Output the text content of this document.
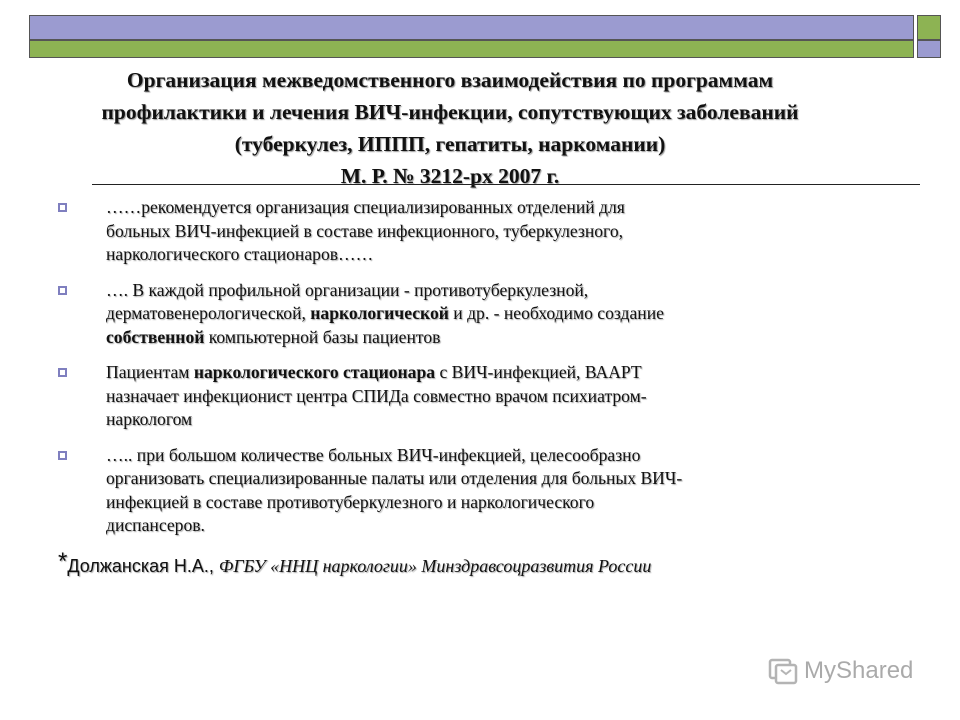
Организация межведомственного взаимодействия по программам
профилактики и лечения ВИЧ-инфекции, сопутствующих заболеваний
(туберкулез, ИППП, гепатиты, наркомании)
М. Р. № 3212-рх 2007 г.
……рекомендуется организация специализированных отделений для
больных ВИЧ-инфекцией в составе инфекционного, туберкулезного,
наркологического стационаров……
…. В каждой профильной организации - противотуберкулезной,
дерматовенерологической, наркологической и др. - необходимо создание
собственной компьютерной базы пациентов
Пациентам наркологического стационара с ВИЧ-инфекцией, ВААРТ
назначает инфекционист центра СПИДа совместно врачом психиатром-
наркологом
….. при большом количестве больных ВИЧ-инфекцией, целесообразно
организовать специализированные палаты или отделения для больных ВИЧ-
инфекцией в составе противотуберкулезного и наркологического
диспансеров.
*Должанская Н.А., ФГБУ «ННЦ наркологии» Минздравсоцразвития России
MyShared
